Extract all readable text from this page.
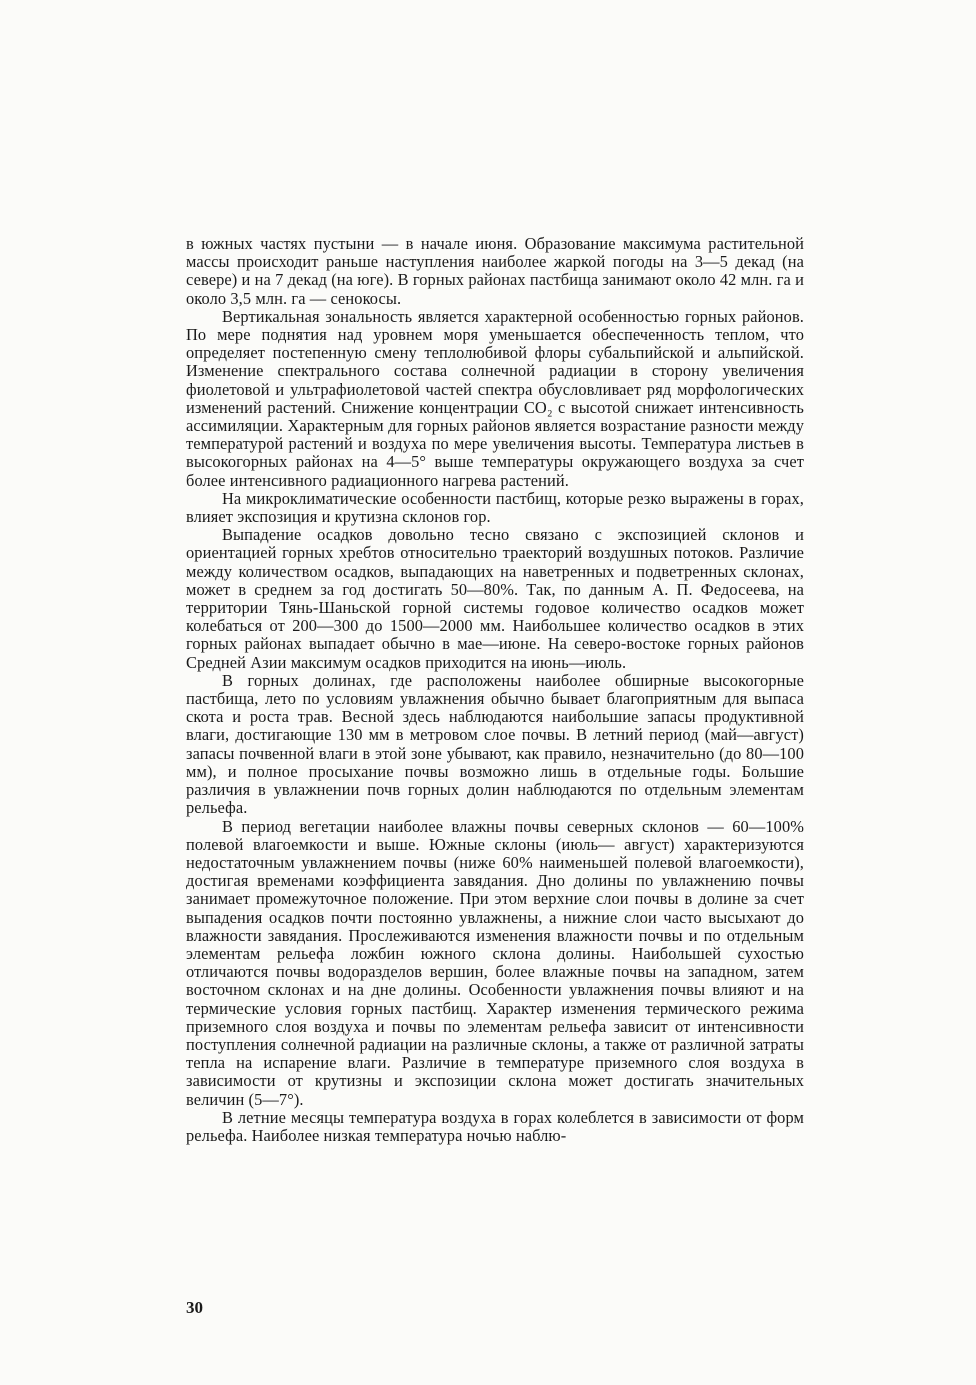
в южных частях пустыни — в начале июня. Образование максимума растительной массы происходит раньше наступления наиболее жаркой погоды на 3—5 декад (на севере) и на 7 декад (на юге). В горных районах пастбища занимают около 42 млн. га и около 3,5 млн. га — сенокосы.

Вертикальная зональность является характерной особенностью горных районов. По мере поднятия над уровнем моря уменьшается обеспеченность теплом, что определяет постепенную смену теплолюбивой флоры субальпийской и альпийской. Изменение спектрального состава солнечной радиации в сторону увеличения фиолетовой и ультрафиолетовой частей спектра обусловливает ряд морфологических изменений растений. Снижение концентрации CO₂ с высотой снижает интенсивность ассимиляции. Характерным для горных районов является возрастание разности между температурой растений и воздуха по мере увеличения высоты. Температура листьев в высокогорных районах на 4—5° выше температуры окружающего воздуха за счет более интенсивного радиационного нагрева растений.

На микроклиматические особенности пастбищ, которые резко выражены в горах, влияет экспозиция и крутизна склонов гор.

Выпадение осадков довольно тесно связано с экспозицией склонов и ориентацией горных хребтов относительно траекторий воздушных потоков. Различие между количеством осадков, выпадающих на наветренных и подветренных склонах, может в среднем за год достигать 50—80%. Так, по данным А. П. Федосеева, на территории Тянь-Шаньской горной системы годовое количество осадков может колебаться от 200—300 до 1500—2000 мм. Наибольшее количество осадков в этих горных районах выпадает обычно в мае—июне. На северо-востоке горных районов Средней Азии максимум осадков приходится на июнь—июль.

В горных долинах, где расположены наиболее обширные высокогорные пастбища, лето по условиям увлажнения обычно бывает благоприятным для выпаса скота и роста трав. Весной здесь наблюдаются наибольшие запасы продуктивной влаги, достигающие 130 мм в метровом слое почвы. В летний период (май—август) запасы почвенной влаги в этой зоне убывают, как правило, незначительно (до 80—100 мм), и полное просыхание почвы возможно лишь в отдельные годы. Большие различия в увлажнении почв горных долин наблюдаются по отдельным элементам рельефа.

В период вегетации наиболее влажны почвы северных склонов — 60—100% полевой влагоемкости и выше. Южные склоны (июль— август) характеризуются недостаточным увлажнением почвы (ниже 60% наименьшей полевой влагоемкости), достигая временами коэффициента завядания. Дно долины по увлажнению почвы занимает промежуточное положение. При этом верхние слои почвы в долине за счет выпадения осадков почти постоянно увлажнены, а нижние слои часто высыхают до влажности завядания. Прослеживаются изменения влажности почвы и по отдельным элементам рельефа ложбин южного склона долины. Наибольшей сухостью отличаются почвы водоразделов вершин, более влажные почвы на западном, затем восточном склонах и на дне долины. Особенности увлажнения почвы влияют и на термические условия горных пастбищ. Характер изменения термического режима приземного слоя воздуха и почвы по элементам рельефа зависит от интенсивности поступления солнечной радиации на различные склоны, а также от различной затраты тепла на испарение влаги. Различие в температуре приземного слоя воздуха в зависимости от крутизны и экспозиции склона может достигать значительных величин (5—7°).

В летние месяцы температура воздуха в горах колеблется в зависимости от форм рельефа. Наиболее низкая температура ночью наблю-

30
